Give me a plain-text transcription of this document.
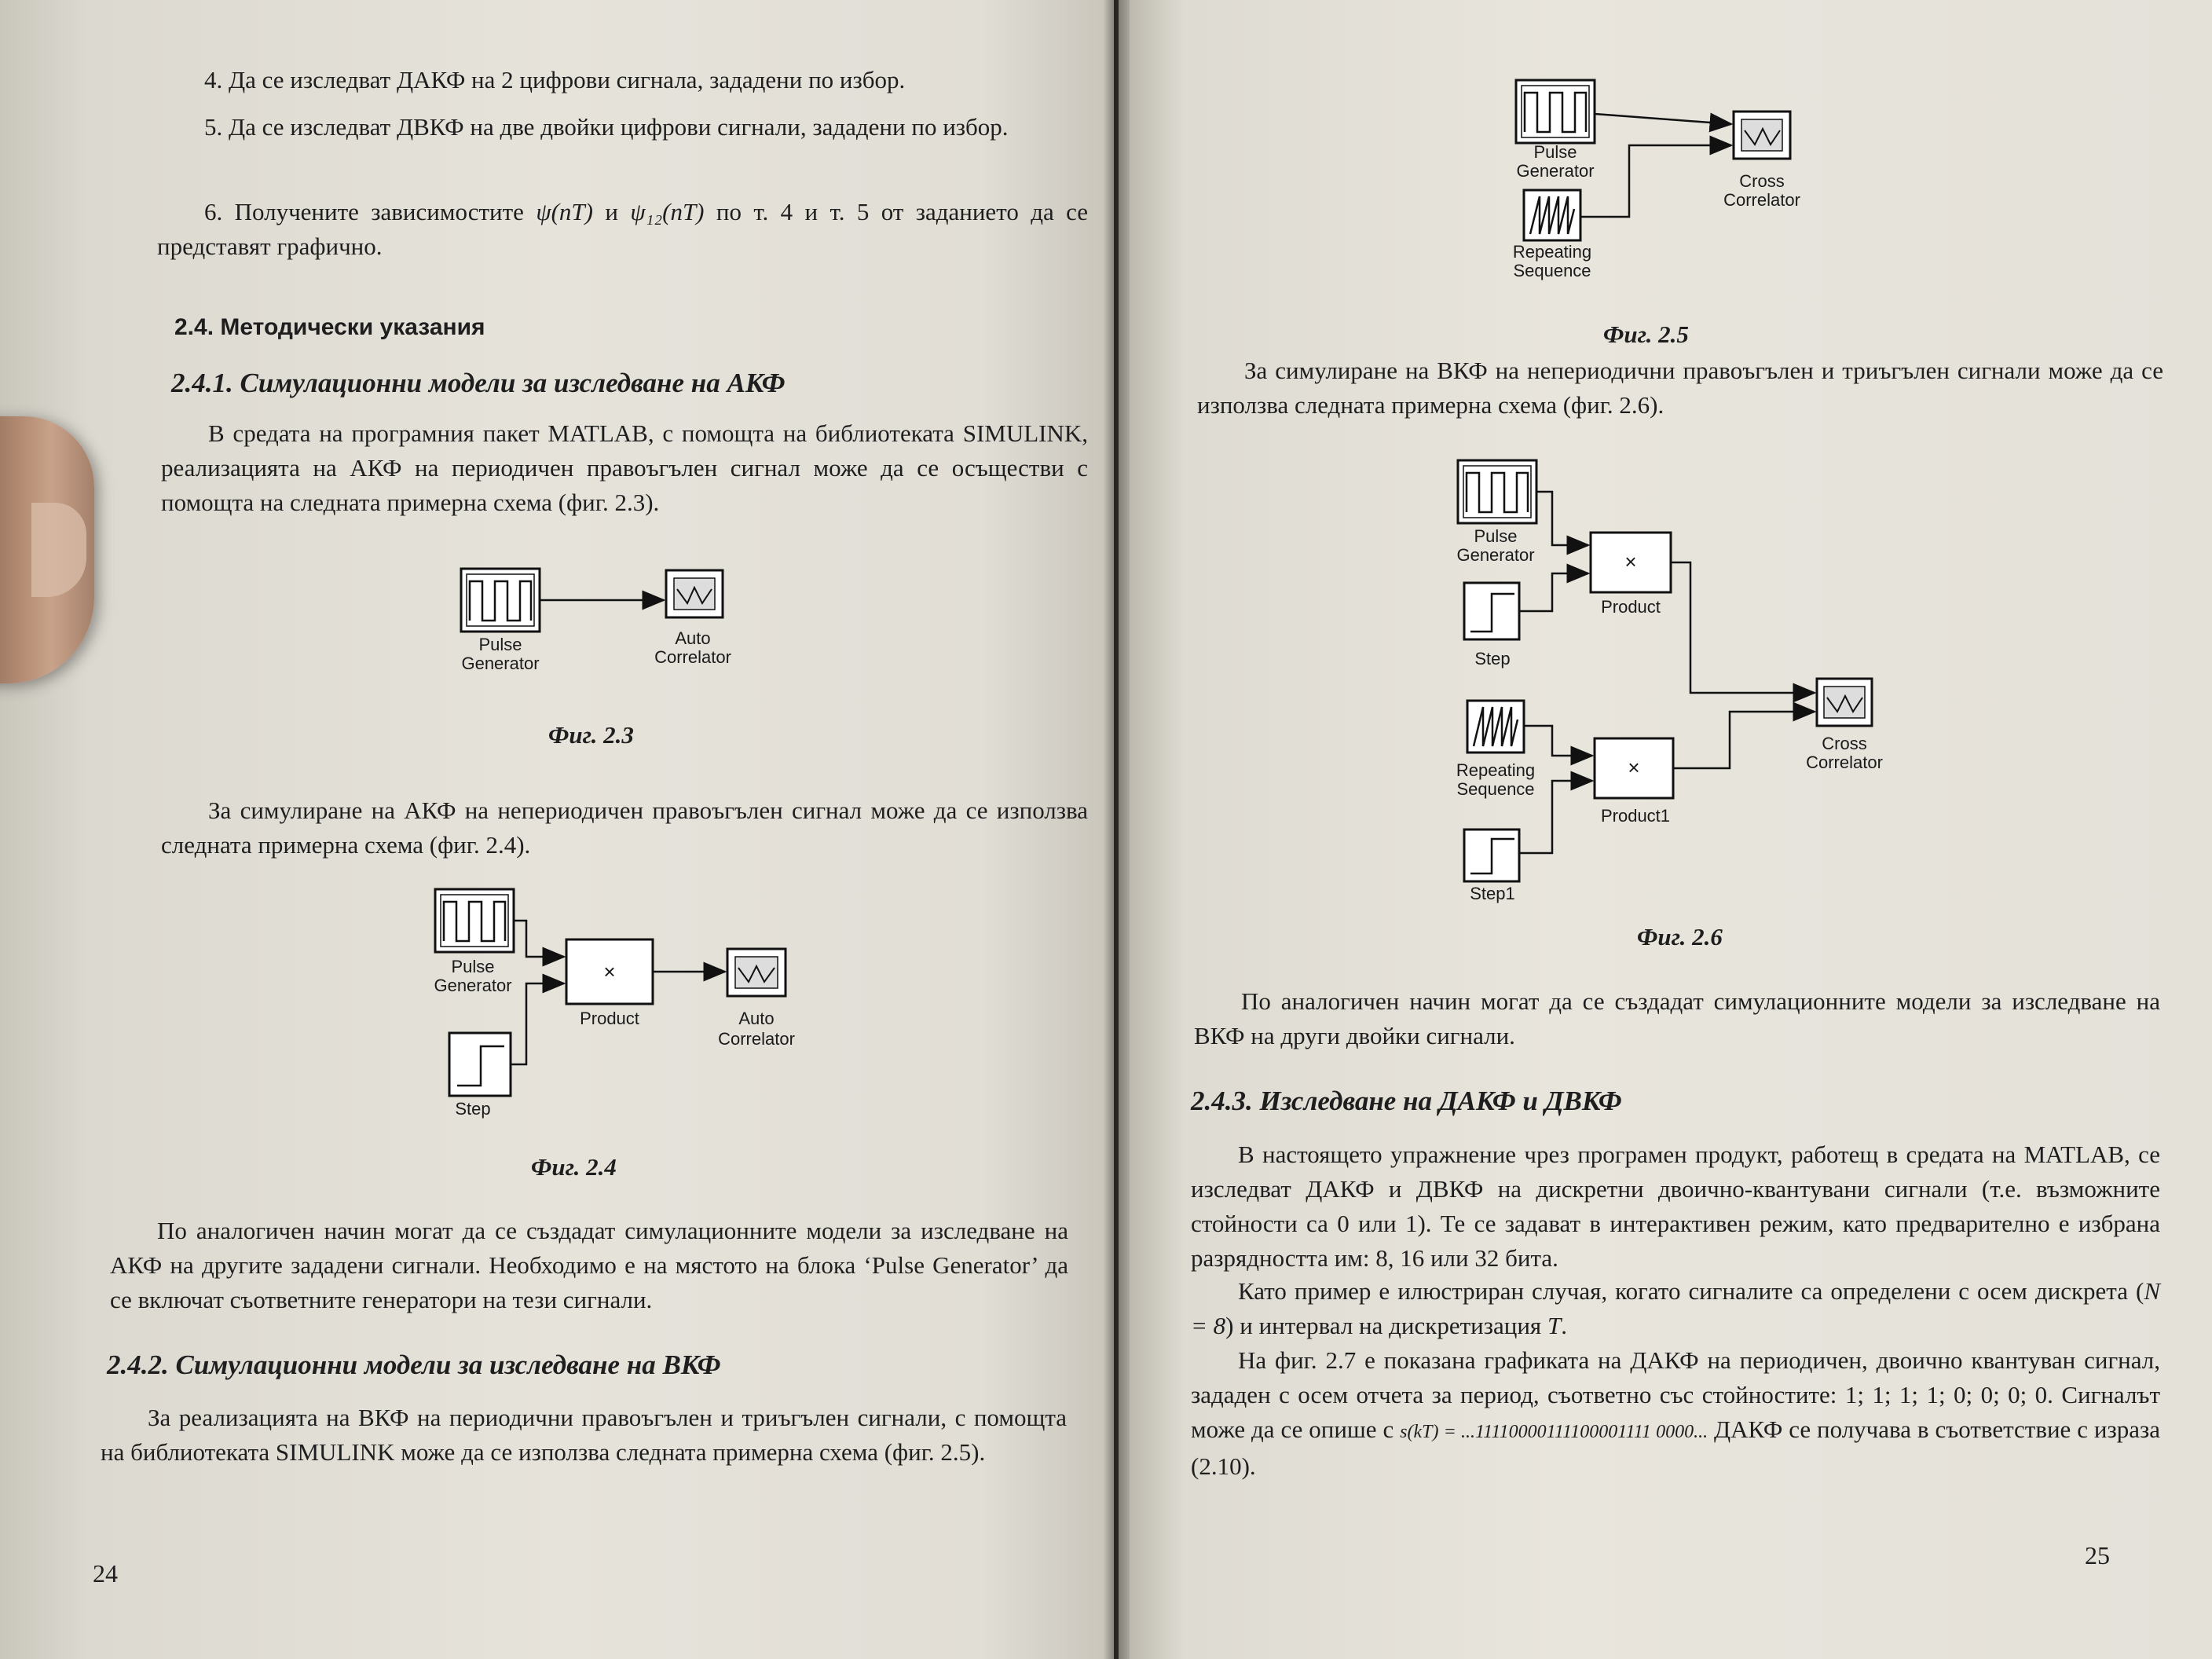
4. Да се изследват ДАКФ на 2 цифрови сигнала, зададени по избор.

5. Да се изследват ДВКФ на две двойки цифрови сигнали, зададени по избор.

6. Получените зависимостите ψ(nT) и ψ₁₂(nT) по т. 4 и т. 5 от заданието да се представят графично.

2.4. Методически указания
2.4.1. Симулационни модели за изследване на АКФ

В средата на програмния пакет MATLAB, с помощта на библиотеката SIMULINK, реализацията на АКФ на периодичен правоъгълен сигнал може да се осъществи с помощта на следната примерна схема (фиг. 2.3).

Pulse
Generator
Auto
Correlator
Фиг. 2.3

За симулиране на АКФ на непериодичен правоъгълен сигнал може да се използва следната примерна схема (фиг. 2.4).

Pulse
Generator
Step
×
Product	Auto
Correlator
Фиг. 2.4

По аналогичен начин могат да се създадат симулационните модели за изследване на АКФ на другите зададени сигнали. Необходимо е на мястото на блока ‘Pulse Generator’ да се включат съответните генератори на тези сигнали.

2.4.2. Симулационни модели за изследване на ВКФ

За реализацията на ВКФ на периодични правоъгълен и триъгълен сигнали, с помощта на библиотеката SIMULINK може да се използва следната примерна схема (фиг. 2.5).

24
Pulse
Generator
Repeating
Sequence
Cross
Correlator
Фиг. 2.5

За симулиране на ВКФ на непериодични правоъгълен и триъгълен сигнали може да се използва следната примерна схема (фиг. 2.6).

Pulse
Generator
Step
×
Product
Repeating
Sequence
Step1
×
Product1
Cross
Correlator
Фиг. 2.6

По аналогичен начин могат да се създадат симулационните модели за изследване на ВКФ на други двойки сигнали.

2.4.3. Изследване на ДАКФ и ДВКФ

В настоящето упражнение чрез програмен продукт, работещ в средата на MATLAB, се изследват ДАКФ и ДВКФ на дискретни двоично-квантувани сигнали (т.е. възможните стойности са 0 или 1). Те се задават в интерактивен режим, като предварително е избрана разрядността им: 8, 16 или 32 бита.

Като пример е илюстриран случая, когато сигналите са определени с осем дискрета (N = 8) и интервал на дискретизация T.

На фиг. 2.7 е показана графиката на ДАКФ на периодичен, двоично квантуван сигнал, зададен с осем отчета за период, съответно със стойностите: 1; 1; 1; 1; 0; 0; 0; 0. Сигналът може да се опише с s(kT) = ...11110000111100001111 0000... ДАКФ се получава в съответствие с израза (2.10).

25
